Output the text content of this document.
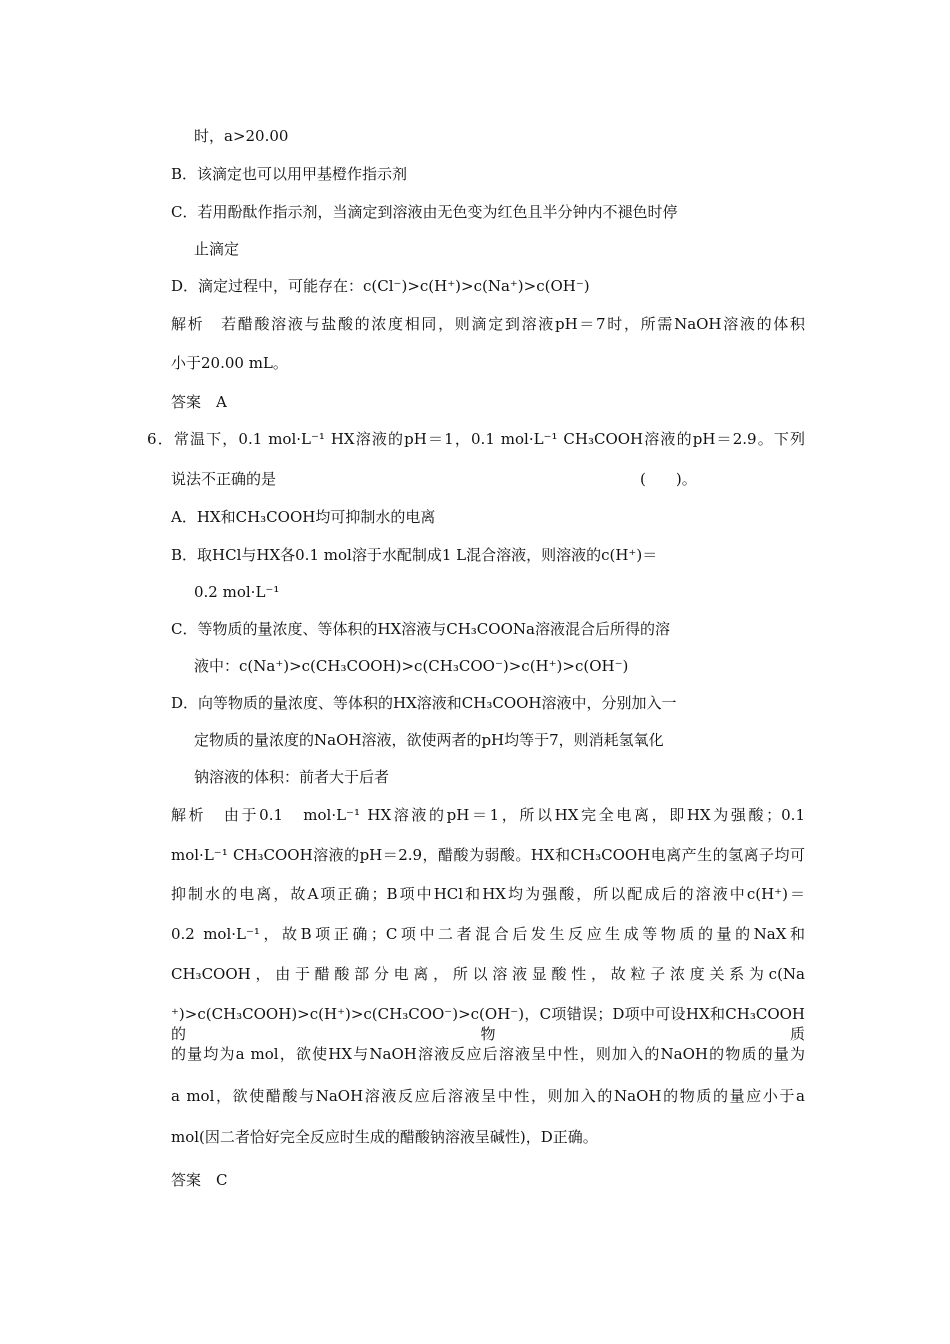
时，a>20.00
B．该滴定也可以用甲基橙作指示剂
C．若用酚酞作指示剂，当滴定到溶液由无色变为红色且半分钟内不褪色时停
止滴定
D．滴定过程中，可能存在：c(Cl⁻)>c(H⁺)>c(Na⁺)>c(OH⁻)
解析　若醋酸溶液与盐酸的浓度相同，则滴定到溶液pH＝7时，所需NaOH溶液的体积
小于20.00 mL。
答案　A
6．常温下，0.1 mol·L⁻¹ HX溶液的pH＝1，0.1 mol·L⁻¹ CH₃COOH溶液的pH＝2.9。下列
说法不正确的是	(　　)。
A．HX和CH₃COOH均可抑制水的电离
B．取HCl与HX各0.1 mol溶于水配制成1 L混合溶液，则溶液的c(H⁺)＝
0.2 mol·L⁻¹
C．等物质的量浓度、等体积的HX溶液与CH₃COONa溶液混合后所得的溶
液中：c(Na⁺)>c(CH₃COOH)>c(CH₃COO⁻)>c(H⁺)>c(OH⁻)
D．向等物质的量浓度、等体积的HX溶液和CH₃COOH溶液中，分别加入一
定物质的量浓度的NaOH溶液，欲使两者的pH均等于7，则消耗氢氧化
钠溶液的体积：前者大于后者
解析　由于0.1　mol·L⁻¹ HX溶液的pH＝1，所以HX完全电离，即HX为强酸；0.1
mol·L⁻¹ CH₃COOH溶液的pH＝2.9，醋酸为弱酸。HX和CH₃COOH电离产生的氢离子均可
抑制水的电离，故A项正确；B项中HCl和HX均为强酸，所以配成后的溶液中c(H⁺)＝
0.2 mol·L⁻¹，故B项正确；C项中二者混合后发生反应生成等物质的量的NaX和
CH₃COOH，由于醋酸部分电离，所以溶液显酸性，故粒子浓度关系为c(Na
⁺)>c(CH₃COOH)>c(H⁺)>c(CH₃COO⁻)>c(OH⁻)，C项错误；D项中可设HX和CH₃COOH的物质
的量均为a mol，欲使HX与NaOH溶液反应后溶液呈中性，则加入的NaOH的物质的量为
a mol，欲使醋酸与NaOH溶液反应后溶液呈中性，则加入的NaOH的物质的量应小于a
mol(因二者恰好完全反应时生成的醋酸钠溶液呈碱性)，D正确。
答案　C
